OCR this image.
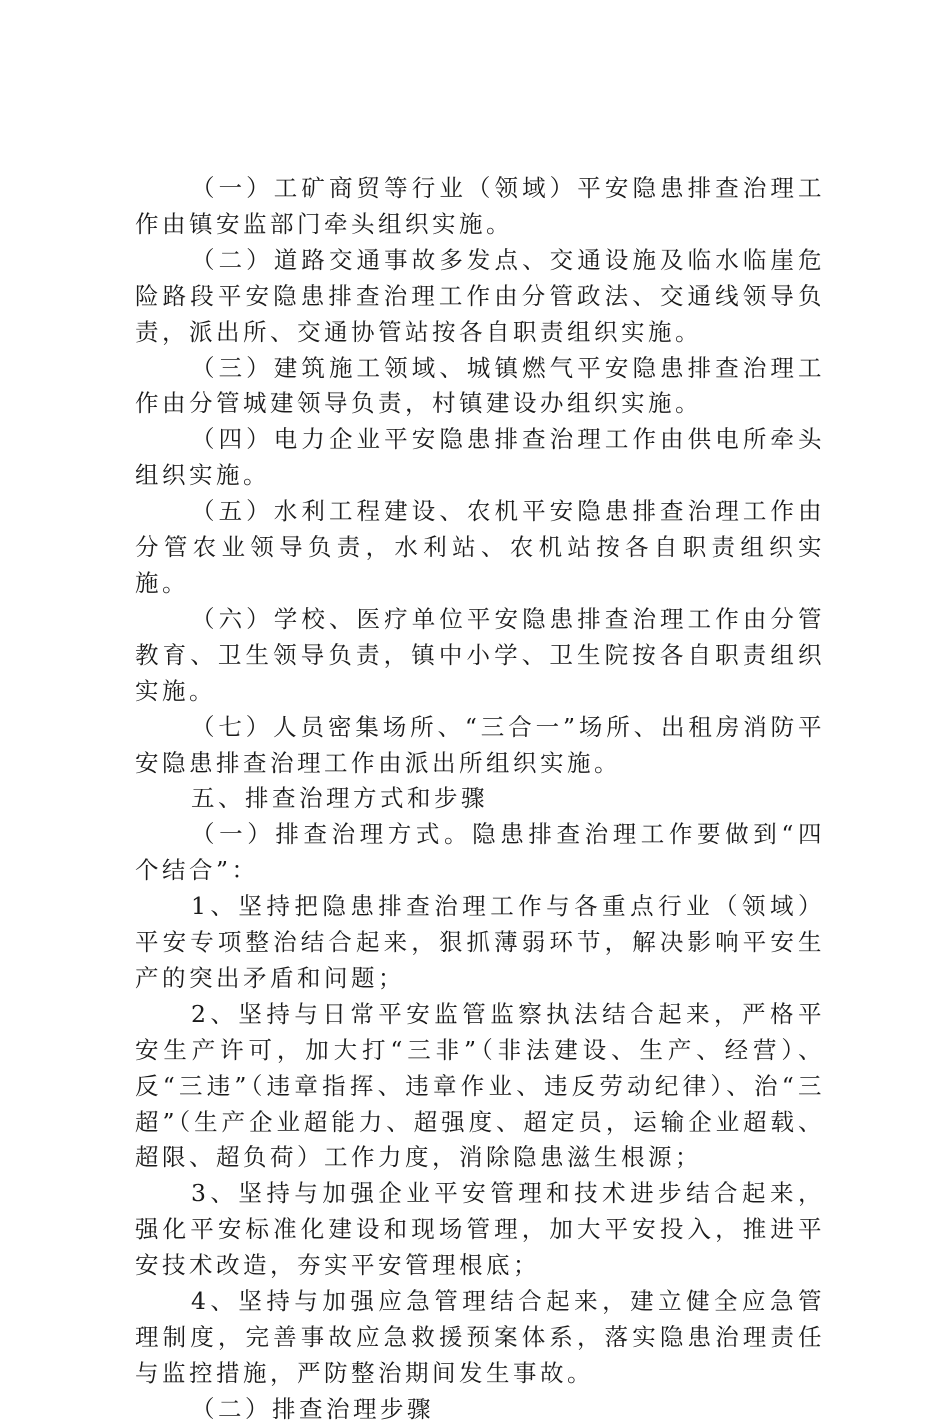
（一）工矿商贸等行业（领域）平安隐患排查治理工作由镇安监部门牵头组织实施。

（二）道路交通事故多发点、交通设施及临水临崖危险路段平安隐患排查治理工作由分管政法、交通线领导负责，派出所、交通协管站按各自职责组织实施。

（三）建筑施工领域、城镇燃气平安隐患排查治理工作由分管城建领导负责，村镇建设办组织实施。

（四）电力企业平安隐患排查治理工作由供电所牵头组织实施。

（五）水利工程建设、农机平安隐患排查治理工作由分管农业领导负责，水利站、农机站按各自职责组织实施。

（六）学校、医疗单位平安隐患排查治理工作由分管教育、卫生领导负责，镇中小学、卫生院按各自职责组织实施。

（七）人员密集场所、“三合一”场所、出租房消防平安隐患排查治理工作由派出所组织实施。

五、排查治理方式和步骤

（一）排查治理方式。隐患排查治理工作要做到“四个结合”：

1、坚持把隐患排查治理工作与各重点行业（领域）平安专项整治结合起来，狠抓薄弱环节，解决影响平安生产的突出矛盾和问题；

2、坚持与日常平安监管监察执法结合起来，严格平安生产许可，加大打“三非”（非法建设、生产、经营）、反“三违”（违章指挥、违章作业、违反劳动纪律）、治“三超”（生产企业超能力、超强度、超定员，运输企业超载、超限、超负荷）工作力度，消除隐患滋生根源；

3、坚持与加强企业平安管理和技术进步结合起来，强化平安标准化建设和现场管理，加大平安投入，推进平安技术改造，夯实平安管理根底；

4、坚持与加强应急管理结合起来，建立健全应急管理制度，完善事故应急救援预案体系，落实隐患治理责任与监控措施，严防整治期间发生事故。

（二）排查治理步骤
